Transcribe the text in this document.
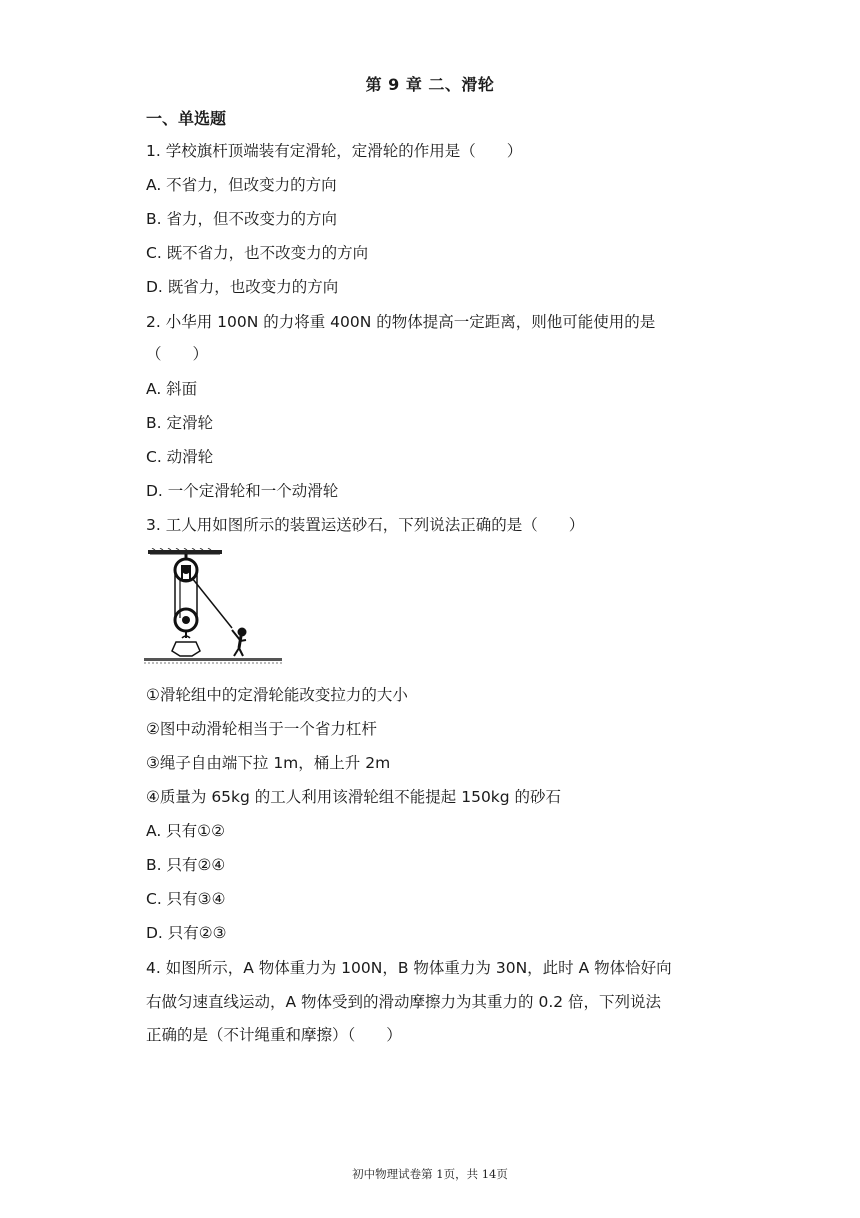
第 9 章 二、滑轮
一、单选题
1. 学校旗杆顶端装有定滑轮，定滑轮的作用是（　　）
A. 不省力，但改变力的方向
B. 省力，但不改变力的方向
C. 既不省力，也不改变力的方向
D. 既省力，也改变力的方向
2. 小华用 100N 的力将重 400N 的物体提高一定距离，则他可能使用的是
（　　）
A. 斜面
B. 定滑轮
C. 动滑轮
D. 一个定滑轮和一个动滑轮
3. 工人用如图所示的装置运送砂石，下列说法正确的是（　　）
①滑轮组中的定滑轮能改变拉力的大小
②图中动滑轮相当于一个省力杠杆
③绳子自由端下拉 1m，桶上升 2m
④质量为 65kg 的工人利用该滑轮组不能提起 150kg 的砂石
A. 只有①②
B. 只有②④
C. 只有③④
D. 只有②③
4. 如图所示，A 物体重力为 100N，B 物体重力为 30N，此时 A 物体恰好向
右做匀速直线运动，A 物体受到的滑动摩擦力为其重力的 0.2 倍，下列说法
正确的是（不计绳重和摩擦）（　　）
初中物理试卷第 1页，共 14页
